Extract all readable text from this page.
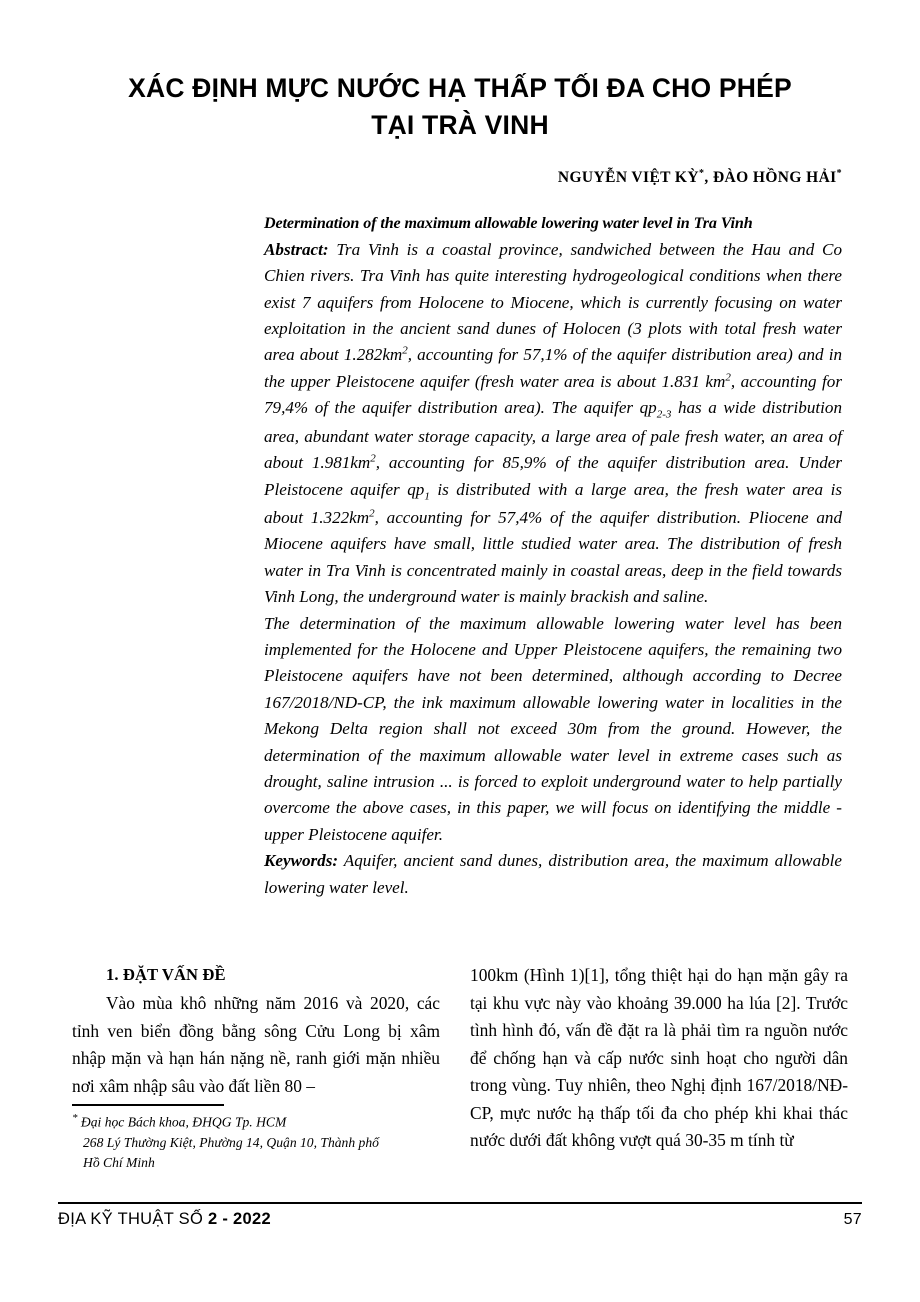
XÁC ĐỊNH MỰC NƯỚC HẠ THẤP TỐI ĐA CHO PHÉP
TẠI TRÀ VINH
NGUYỄN VIỆT KỲ*, ĐÀO HỒNG HẢI*

Determination of the maximum allowable lowering water level in Tra Vinh

Abstract: Tra Vinh is a coastal province, sandwiched between the Hau and Co Chien rivers. Tra Vinh has quite interesting hydrogeological conditions when there exist 7 aquifers from Holocene to Miocene, which is currently focusing on water exploitation in the ancient sand dunes of Holocen (3 plots with total fresh water area about $1.282km^2$, accounting for 57,1% of the aquifer distribution area) and in the upper Pleistocene aquifer (fresh water area is about 1.831 $km^2$, accounting for 79,4% of the aquifer distribution area). The aquifer $qp_{2-3}$ has a wide distribution area, abundant water storage capacity, a large area of pale fresh water, an area of about $1.981km^2$, accounting for 85,9% of the aquifer distribution area. Under Pleistocene aquifer $qp_1$ is distributed with a large area, the fresh water area is about $1.322km^2$, accounting for 57,4% of the aquifer distribution. Pliocene and Miocene aquifers have small, little studied water area. The distribution of fresh water in Tra Vinh is concentrated mainly in coastal areas, deep in the field towards Vinh Long, the underground water is mainly brackish and saline.

The determination of the maximum allowable lowering water level has been implemented for the Holocene and Upper Pleistocene aquifers, the remaining two Pleistocene aquifers have not been determined, although according to Decree 167/2018/ND-CP, the ink maximum allowable lowering water in localities in the Mekong Delta region shall not exceed 30m from the ground. However, the determination of the maximum allowable water level in extreme cases such as drought, saline intrusion ... is forced to exploit underground water to help partially overcome the above cases, in this paper, we will focus on identifying the middle - upper Pleistocene aquifer.

Keywords: Aquifer, ancient sand dunes, distribution area, the maximum allowable lowering water level.

1. ĐẶT VẤN ĐỀ

Vào mùa khô những năm 2016 và 2020, các tỉnh ven biển đồng bằng sông Cửu Long bị xâm nhập mặn và hạn hán nặng nề, ranh giới mặn nhiều nơi xâm nhập sâu vào đất liền 80 –

100km (Hình 1)[1], tổng thiệt hại do hạn mặn gây ra tại khu vực này vào khoảng 39.000 ha lúa [2]. Trước tình hình đó, vấn đề đặt ra là phải tìm ra nguồn nước để chống hạn và cấp nước sinh hoạt cho người dân trong vùng. Tuy nhiên, theo Nghị định 167/2018/NĐ-CP, mực nước hạ thấp tối đa cho phép khi khai thác nước dưới đất không vượt quá 30-35 m tính từ

* Đại học Bách khoa, ĐHQG Tp. HCM
268 Lý Thường Kiệt, Phường 14, Quận 10, Thành phố
Hồ Chí Minh

ĐỊA KỸ THUẬT SỐ 2 - 2022	57
